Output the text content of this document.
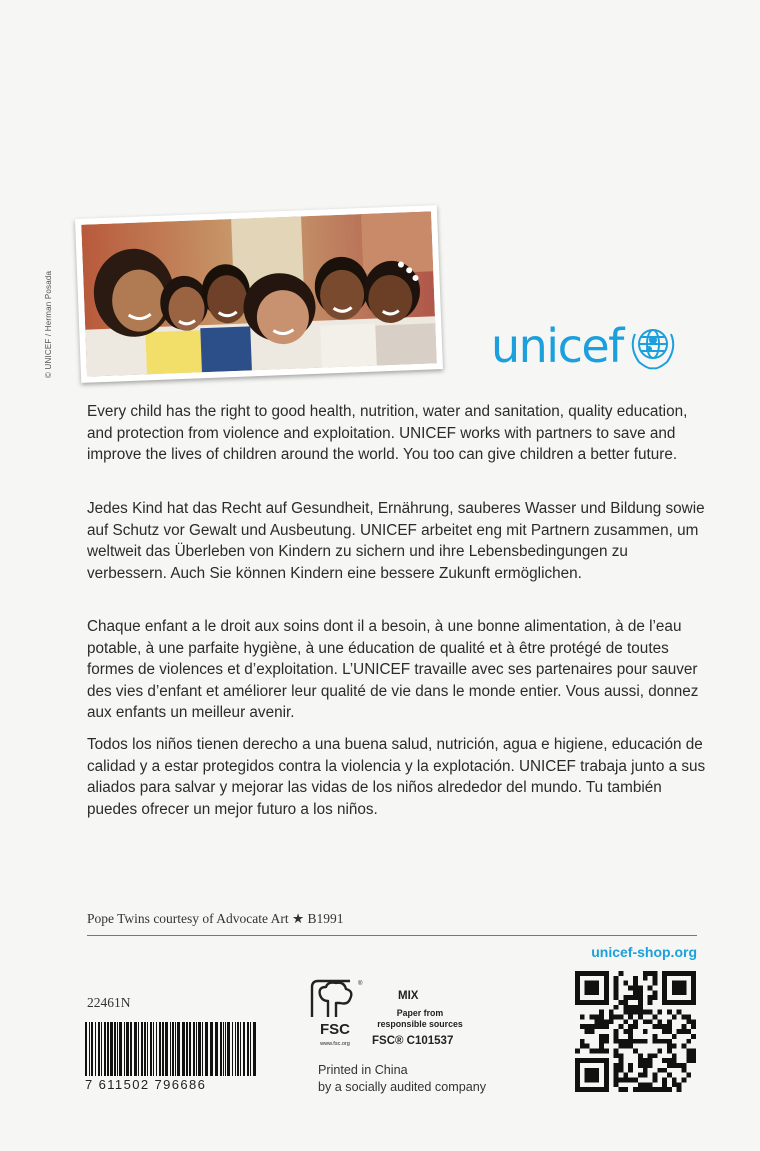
© UNICEF / Herman Posada	unicef

Every child has the right to good health, nutrition, water and sanitation, quality education, and protection from violence and exploitation. UNICEF works with partners to save and improve the lives of children around the world. You too can give children a better future.

Jedes Kind hat das Recht auf Gesundheit, Ernährung, sauberes Wasser und Bildung sowie auf Schutz vor Gewalt und Ausbeutung. UNICEF arbeitet eng mit Partnern zusammen, um weltweit das Überleben von Kindern zu sichern und ihre Lebensbedingungen zu verbessern. Auch Sie können Kindern eine bessere Zukunft ermöglichen.

Chaque enfant a le droit aux soins dont il a besoin, à une bonne alimentation, à de l’eau potable, à une parfaite hygiène, à une éducation de qualité et à être protégé de toutes formes de violences et d’exploitation. L’UNICEF travaille avec ses partenaires pour sauver des vies d’enfant et améliorer leur qualité de vie dans le monde entier. Vous aussi, donnez aux enfants un meilleur avenir.

Todos los niños tienen derecho a una buena salud, nutrición, agua e higiene, educación de calidad y a estar protegidos contra la violencia y la explotación. UNICEF trabaja junto a sus aliados para salvar y mejorar las vidas de los niños alrededor del mundo. Tu también puedes ofrecer un mejor futuro a los niños.

Pope Twins courtesy of Advocate Art ★ B1991
unicef-shop.org
22461N
7 611502 796686
®
FSC
www.fsc.org
MIX
Paper from
responsible sources
FSC® C101537
Printed in China
by a socially audited company
